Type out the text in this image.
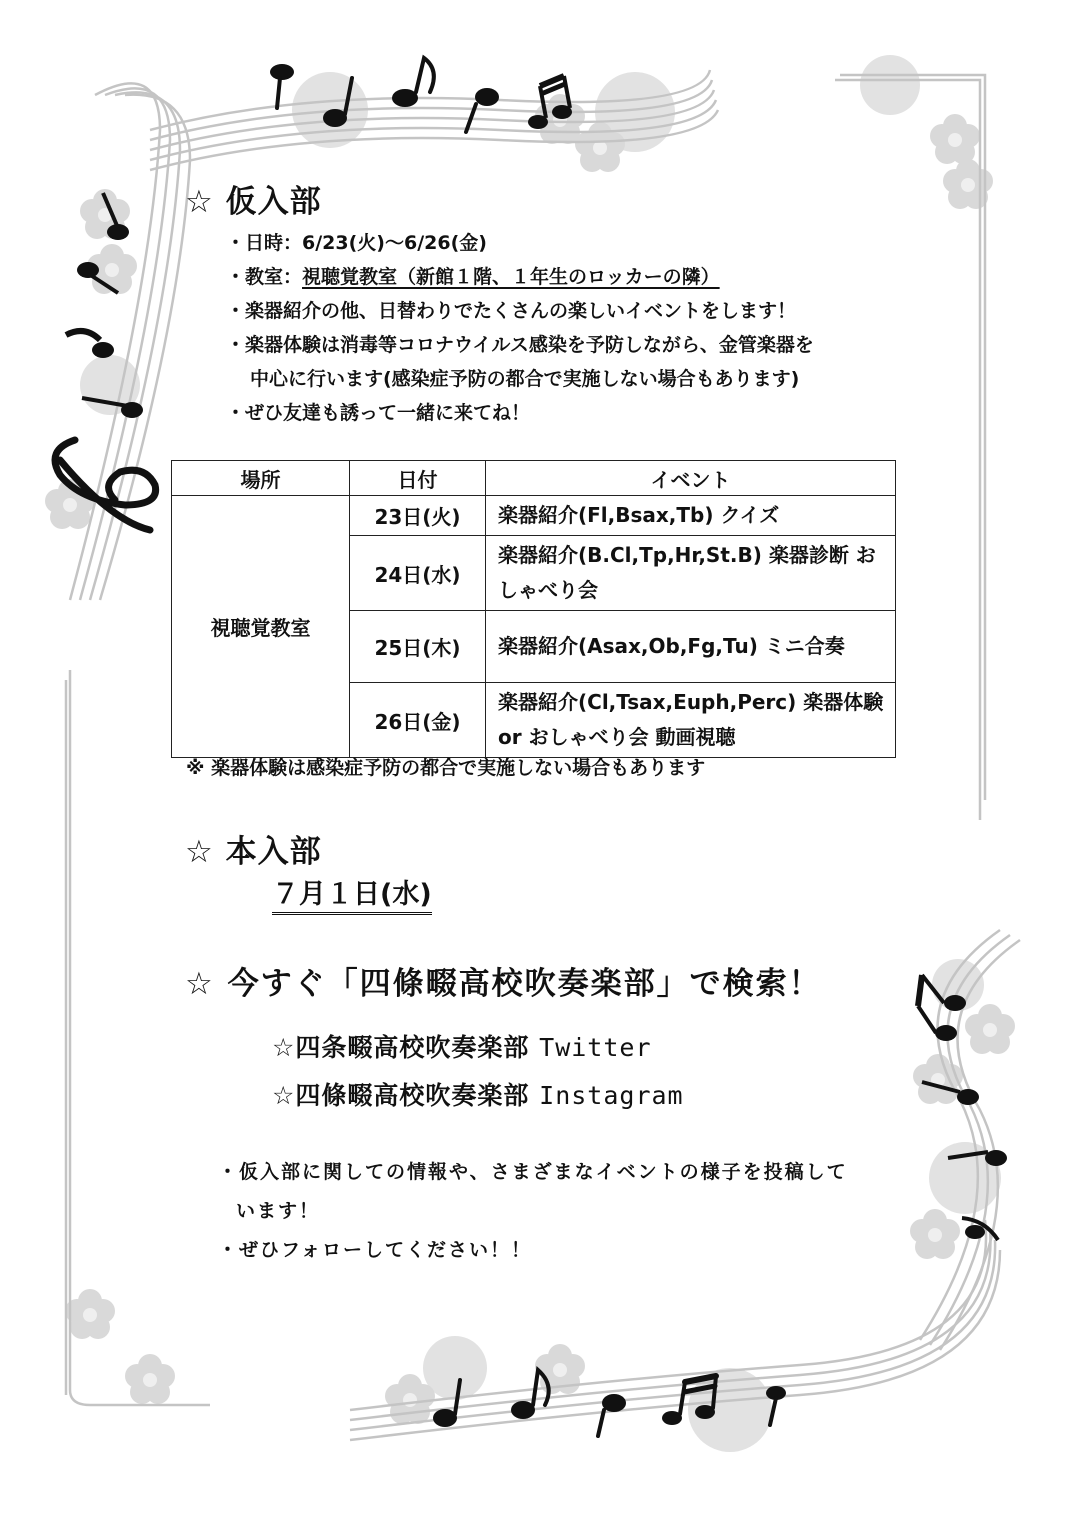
☆ 仮入部
・日時：6/23(火)～6/26(金)
・教室：視聴覚教室（新館１階、１年生のロッカーの隣）
・楽器紹介の他、日替わりでたくさんの楽しいイベントをします！
・楽器体験は消毒等コロナウイルス感染を予防しながら、金管楽器を
中心に行います(感染症予防の都合で実施しない場合もあります)
・ぜひ友達も誘って一緒に来てね！
場所	日付	イベント
視聴覚教室	23日(火)	楽器紹介(Fl,Bsax,Tb) クイズ
	24日(水)	楽器紹介(B.Cl,Tp,Hr,St.B) 楽器診断 おしゃべり会
	25日(木)	楽器紹介(Asax,Ob,Fg,Tu) ミニ合奏
	26日(金)	楽器紹介(Cl,Tsax,Euph,Perc) 楽器体験 or おしゃべり会 動画視聴
※ 楽器体験は感染症予防の都合で実施しない場合もあります
☆ 本入部
７月１日(水)
☆ 今すぐ「四條畷高校吹奏楽部」で検索！
☆四条畷高校吹奏楽部 Twitter
☆四條畷高校吹奏楽部 Instagram
・仮入部に関しての情報や、さまざまなイベントの様子を投稿して
います！
・ぜひフォローしてください！！
